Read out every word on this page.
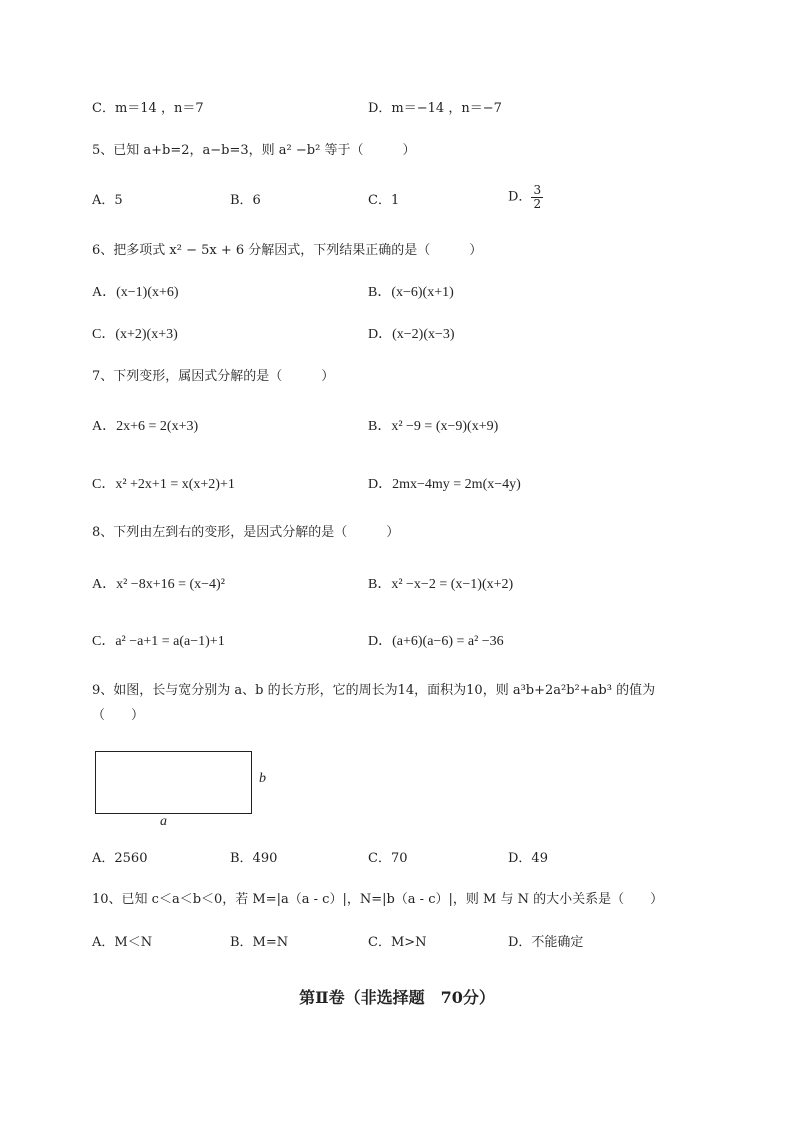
C．m＝14 ，n＝7	D．m＝−14 ，n＝−7
5、已知 a+b=2，a−b=3，则 a² −b² 等于（　　　）
A．5	B．6	C．1	D． $\frac{3}{2}$
6、把多项式 x² − 5x + 6 分解因式，下列结果正确的是（　　　）
A．(x−1)(x+6)	B．(x−6)(x+1)
C．(x+2)(x+3)	D．(x−2)(x−3)
7、下列变形，属因式分解的是（　　　）
A．2x+6 = 2(x+3)	B．x² −9 = (x−9)(x+9)
C．x² +2x+1 = x(x+2)+1	D．2mx−4my = 2m(x−4y)
8、下列由左到右的变形，是因式分解的是（　　　）
A．x² −8x+16 = (x−4)²	B．x² −x−2 = (x−1)(x+2)
C．a² −a+1 = a(a−1)+1	D．(a+6)(a−6) = a² −36
9、如图，长与宽分别为 a、b 的长方形，它的周长为14，面积为10，则 a³b+2a²b²+ab³ 的值为
（　　）
b
a
A．2560	B．490	C．70	D．49
10、已知 c＜a＜b＜0，若 M=|a（a - c）|，N=|b（a - c）|，则 M 与 N 的大小关系是（　　）
A．M＜N	B．M=N	C．M>N	D．不能确定
第Ⅱ卷（非选择题　70分）
